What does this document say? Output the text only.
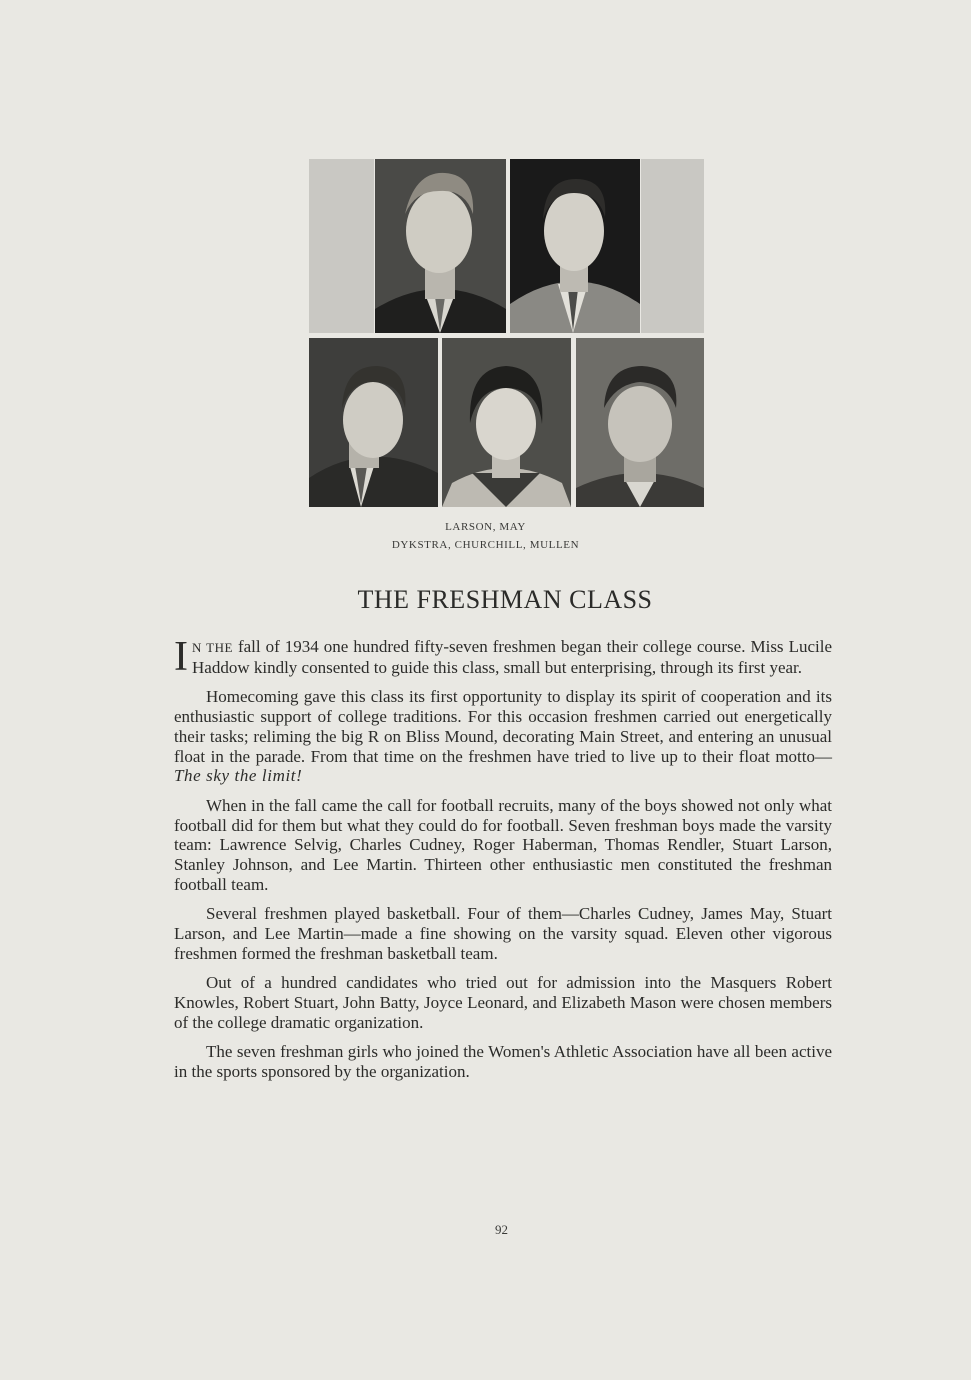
LARSON, MAY
DYKSTRA, CHURCHILL, MULLEN
THE FRESHMAN CLASS

I N THE fall of 1934 one hundred fifty-seven freshmen began their college course. Miss Lucile Haddow kindly consented to guide this class, small but enterprising, through its first year.

Homecoming gave this class its first opportunity to display its spirit of cooperation and its enthusiastic support of college traditions. For this occasion freshmen carried out energetically their tasks; reliming the big R on Bliss Mound, decorating Main Street, and entering an unusual float in the parade. From that time on the freshmen have tried to live up to their float motto— The sky the limit!

When in the fall came the call for football recruits, many of the boys showed not only what football did for them but what they could do for football. Seven freshman boys made the varsity team: Lawrence Selvig, Charles Cudney, Roger Haberman, Thomas Rendler, Stuart Larson, Stanley Johnson, and Lee Martin. Thirteen other enthusiastic men constituted the freshman football team.

Several freshmen played basketball. Four of them—Charles Cudney, James May, Stuart Larson, and Lee Martin—made a fine showing on the varsity squad. Eleven other vigorous freshmen formed the freshman basketball team.

Out of a hundred candidates who tried out for admission into the Masquers Robert Knowles, Robert Stuart, John Batty, Joyce Leonard, and Elizabeth Mason were chosen members of the college dramatic organization.

The seven freshman girls who joined the Women's Athletic Association have all been active in the sports sponsored by the organization.

92
